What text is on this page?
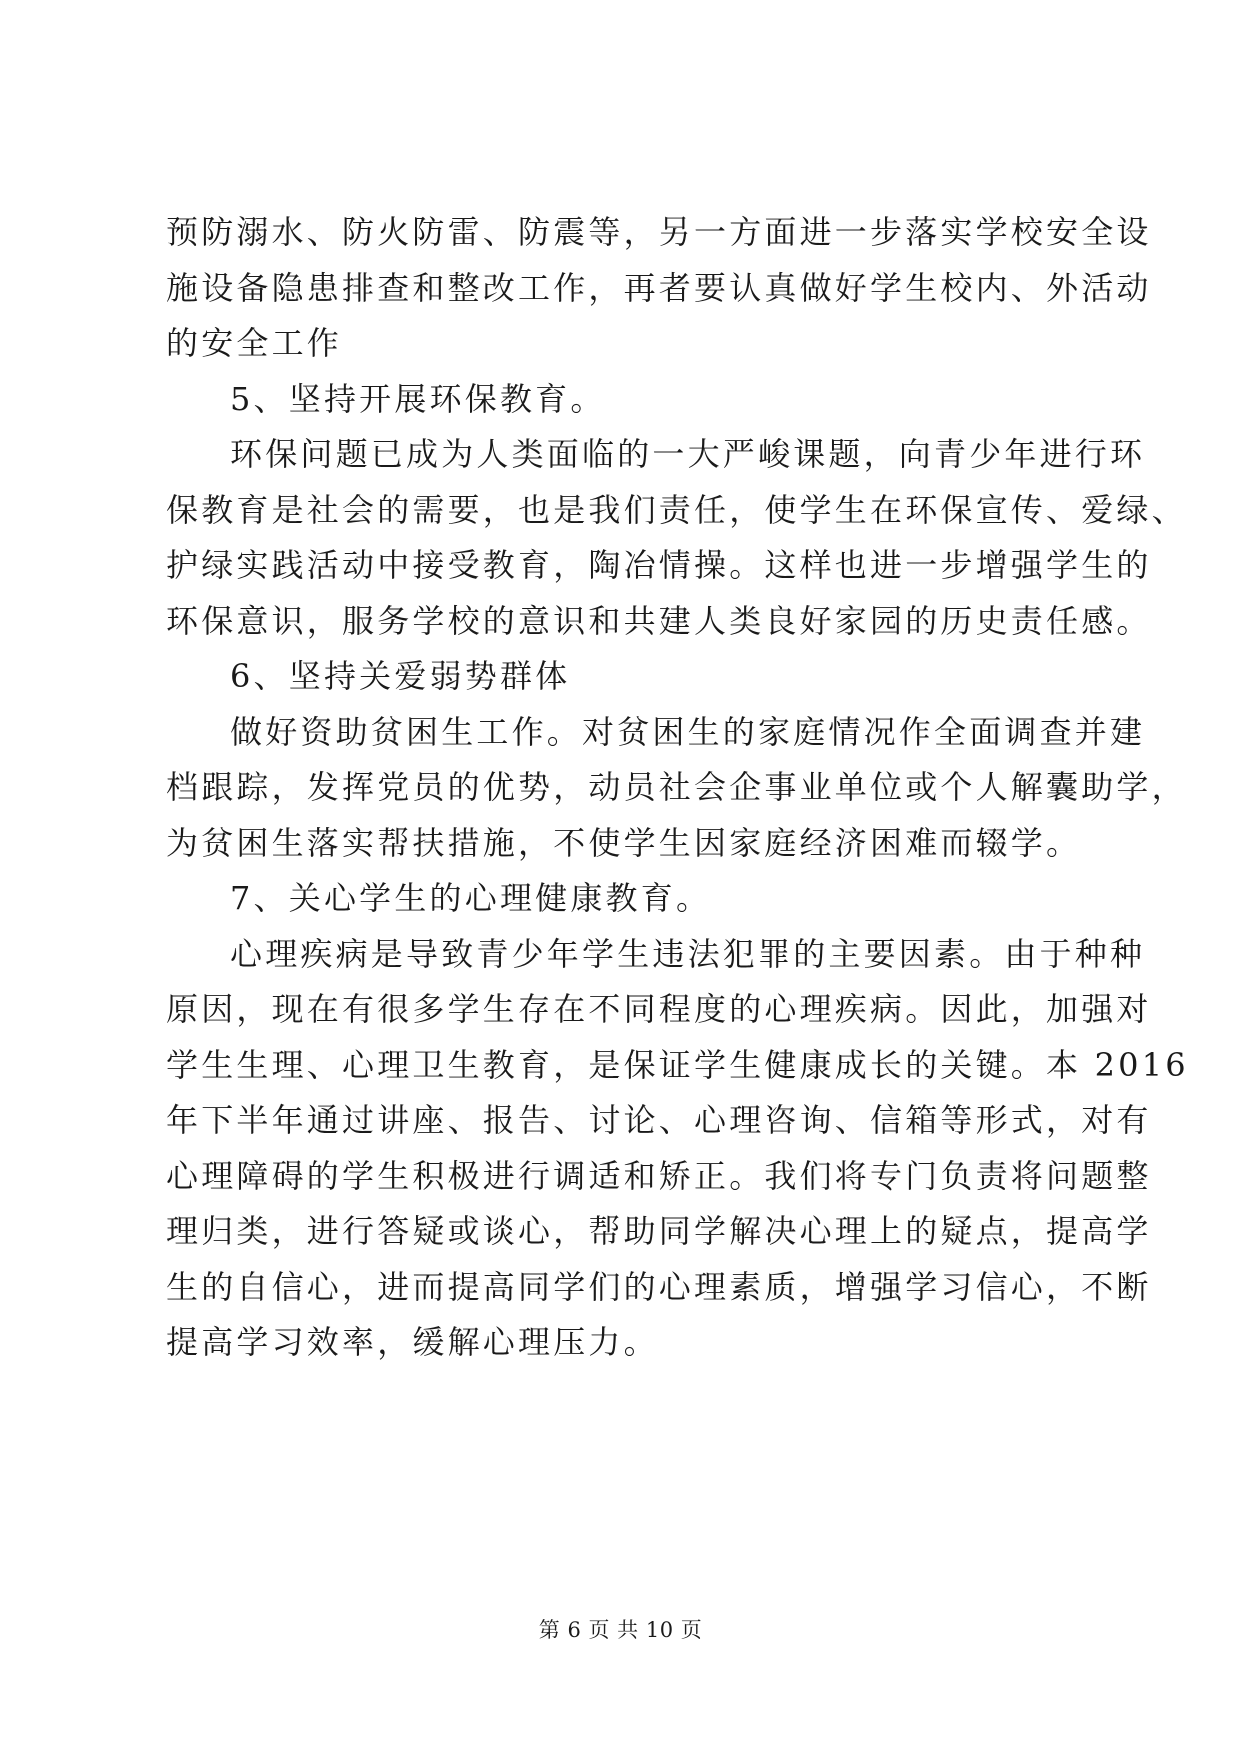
预防溺水、防火防雷、防震等，另一方面进一步落实学校安全设
施设备隐患排查和整改工作，再者要认真做好学生校内、外活动
的安全工作
5、坚持开展环保教育。
环保问题已成为人类面临的一大严峻课题，向青少年进行环
保教育是社会的需要，也是我们责任，使学生在环保宣传、爱绿、
护绿实践活动中接受教育，陶冶情操。这样也进一步增强学生的
环保意识，服务学校的意识和共建人类良好家园的历史责任感。
6、坚持关爱弱势群体
做好资助贫困生工作。对贫困生的家庭情况作全面调查并建
档跟踪，发挥党员的优势，动员社会企事业单位或个人解囊助学，
为贫困生落实帮扶措施，不使学生因家庭经济困难而辍学。
7、关心学生的心理健康教育。
心理疾病是导致青少年学生违法犯罪的主要因素。由于种种
原因，现在有很多学生存在不同程度的心理疾病。因此，加强对
学生生理、心理卫生教育，是保证学生健康成长的关键。本 2016
年下半年通过讲座、报告、讨论、心理咨询、信箱等形式，对有
心理障碍的学生积极进行调适和矫正。我们将专门负责将问题整
理归类，进行答疑或谈心，帮助同学解决心理上的疑点，提高学
生的自信心，进而提高同学们的心理素质，增强学习信心，不断
提高学习效率，缓解心理压力。
第 6 页 共 10 页
